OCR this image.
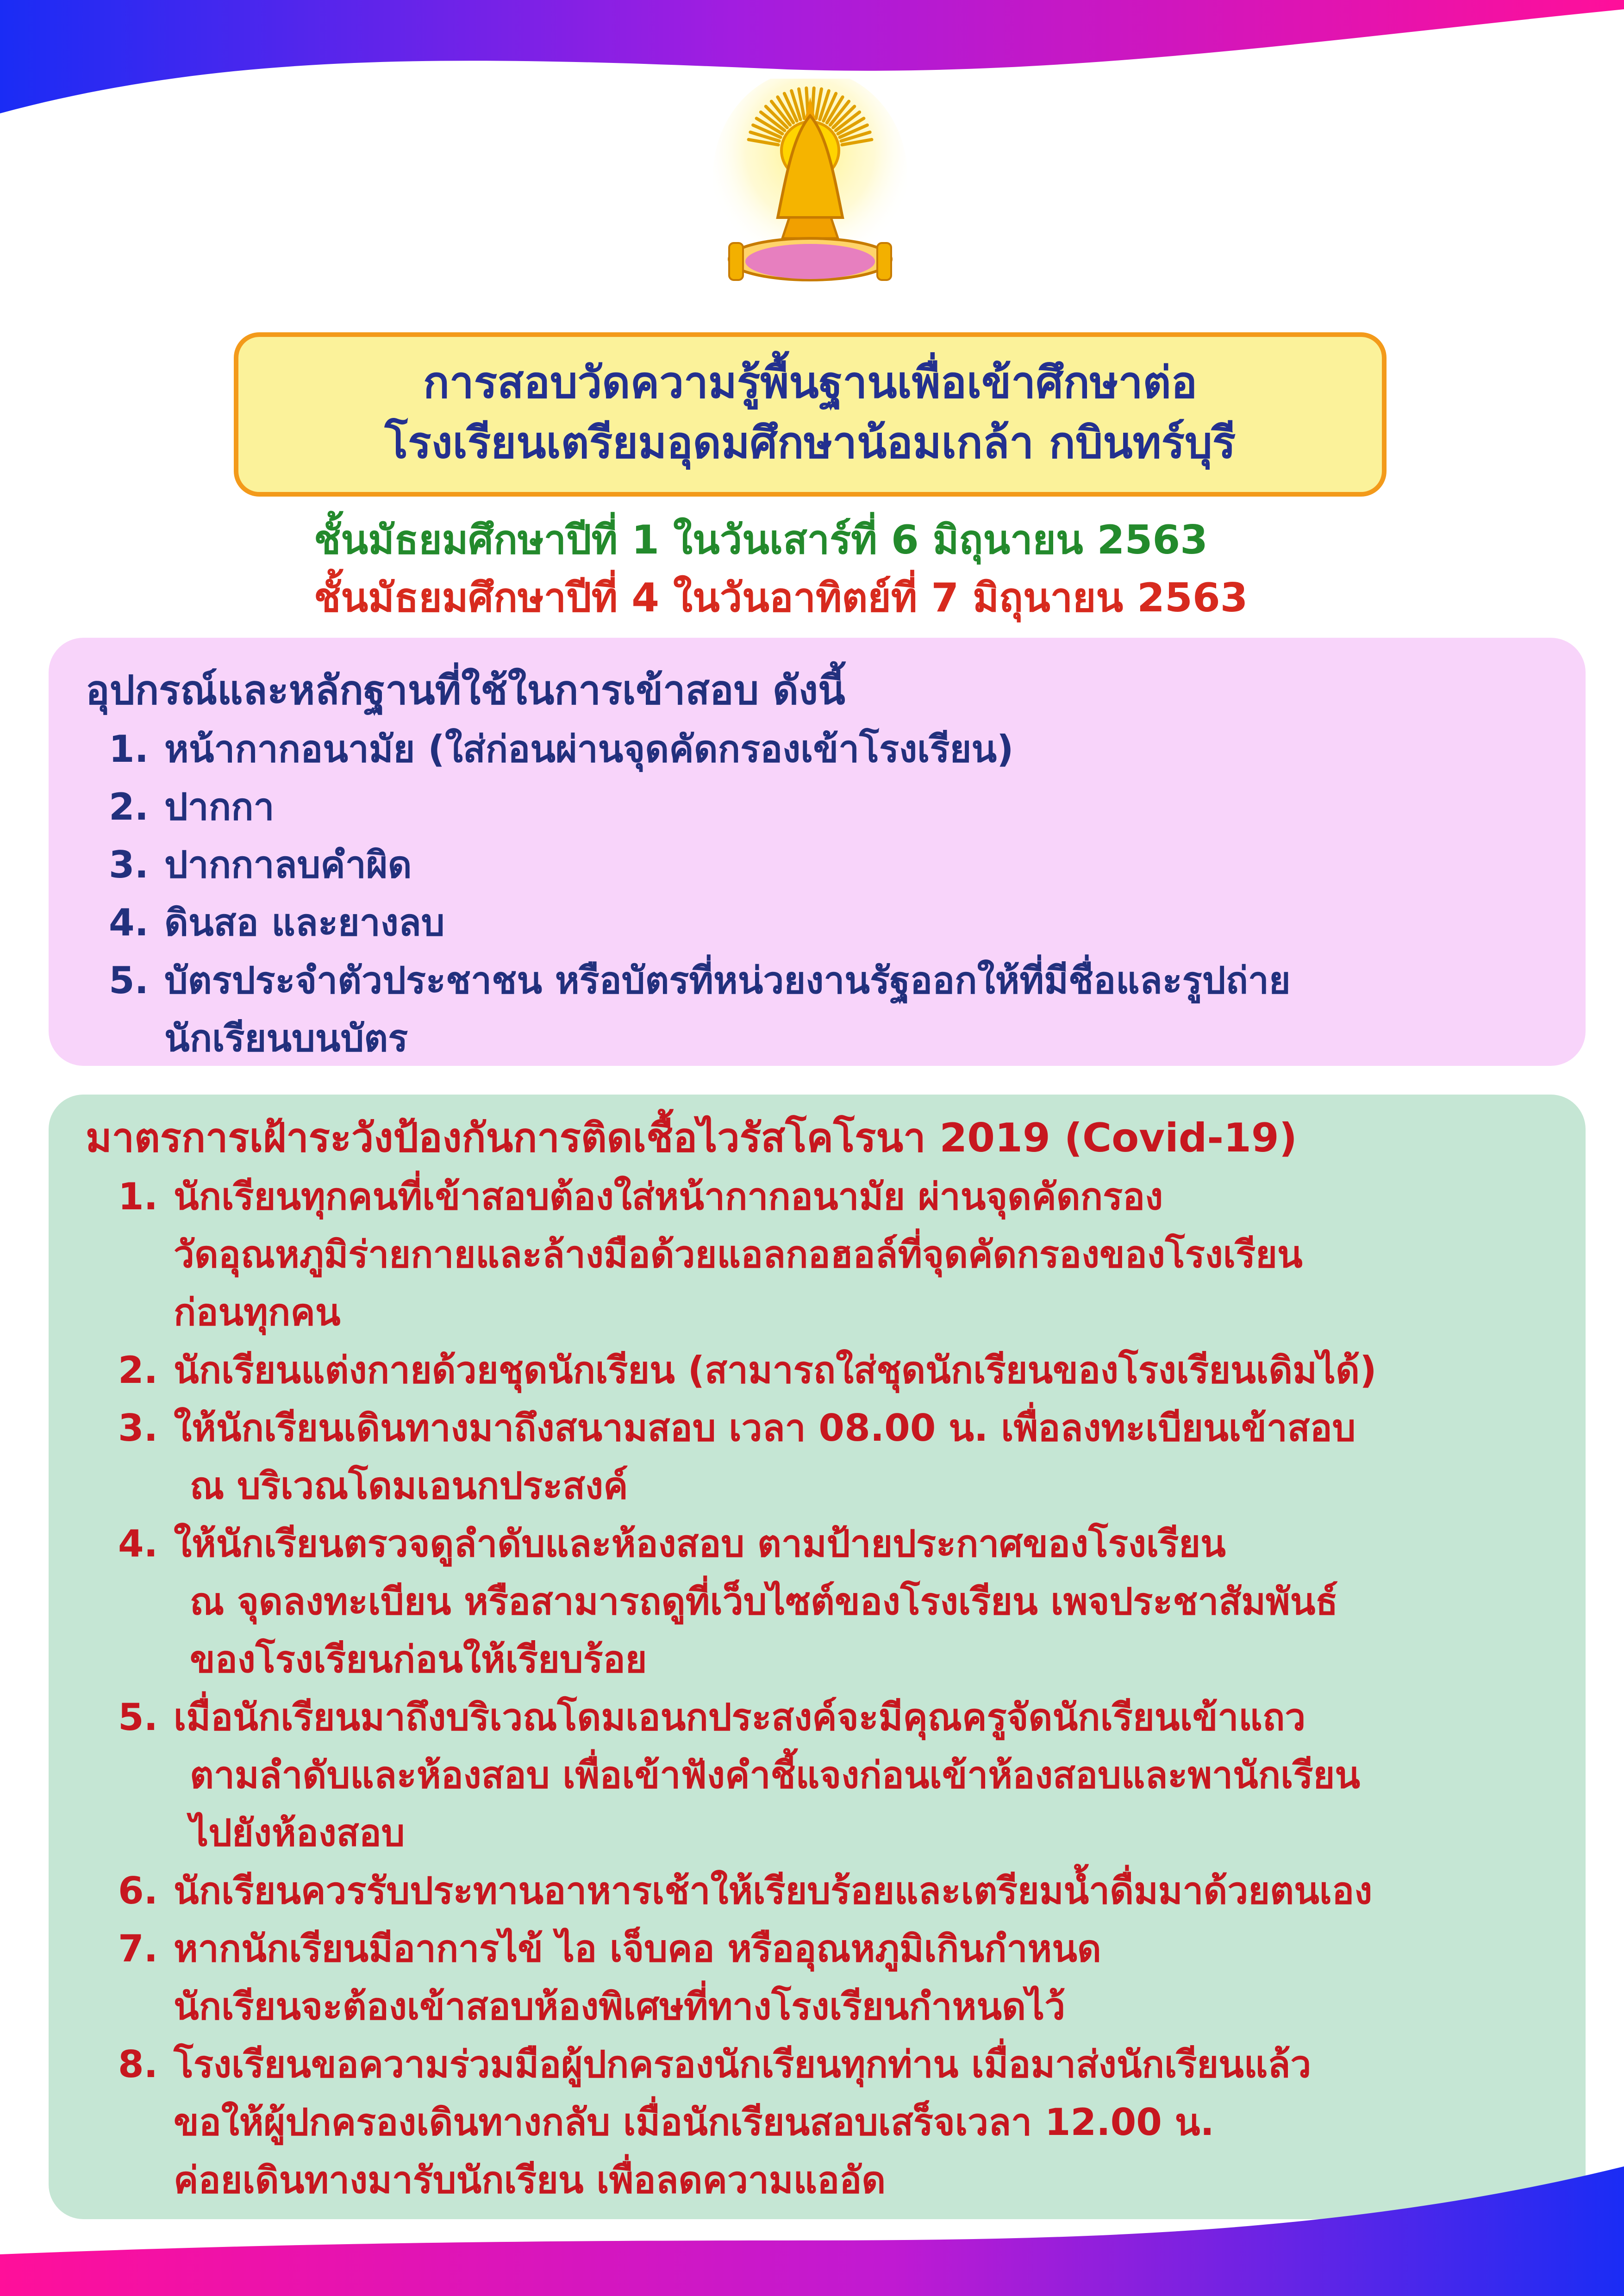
การสอบวัดความรู้พื้นฐานเพื่อเข้าศึกษาต่อ
โรงเรียนเตรียมอุดมศึกษาน้อมเกล้า กบินทร์บุรี
ชั้นมัธยมศึกษาปีที่ 1 ในวันเสาร์ที่ 6 มิถุนายน 2563
ชั้นมัธยมศึกษาปีที่ 4 ในวันอาทิตย์ที่ 7 มิถุนายน 2563
อุปกรณ์และหลักฐานที่ใช้ในการเข้าสอบ ดังนี้
1. หน้ากากอนามัย (ใส่ก่อนผ่านจุดคัดกรองเข้าโรงเรียน)
2. ปากกา
3. ปากกาลบคำผิด
4. ดินสอ และยางลบ
5. บัตรประจำตัวประชาชน หรือบัตรที่หน่วยงานรัฐออกให้ที่มีชื่อและรูปถ่าย
นักเรียนบนบัตร
มาตรการเฝ้าระวังป้องกันการติดเชื้อไวรัสโคโรนา 2019 (Covid-19)
1. นักเรียนทุกคนที่เข้าสอบต้องใส่หน้ากากอนามัย ผ่านจุดคัดกรอง
วัดอุณหภูมิร่ายกายและล้างมือด้วยแอลกอฮอล์ที่จุดคัดกรองของโรงเรียน
ก่อนทุกคน
2. นักเรียนแต่งกายด้วยชุดนักเรียน (สามารถใส่ชุดนักเรียนของโรงเรียนเดิมได้)
3. ให้นักเรียนเดินทางมาถึงสนามสอบ เวลา 08.00 น. เพื่อลงทะเบียนเข้าสอบ
ณ บริเวณโดมเอนกประสงค์
4. ให้นักเรียนตรวจดูลำดับและห้องสอบ ตามป้ายประกาศของโรงเรียน
ณ จุดลงทะเบียน หรือสามารถดูที่เว็บไซต์ของโรงเรียน เพจประชาสัมพันธ์
ของโรงเรียนก่อนให้เรียบร้อย
5. เมื่อนักเรียนมาถึงบริเวณโดมเอนกประสงค์จะมีคุณครูจัดนักเรียนเข้าแถว
ตามลำดับและห้องสอบ เพื่อเข้าฟังคำชี้แจงก่อนเข้าห้องสอบและพานักเรียน
ไปยังห้องสอบ
6. นักเรียนควรรับประทานอาหารเช้าให้เรียบร้อยและเตรียมน้ำดื่มมาด้วยตนเอง
7. หากนักเรียนมีอาการไข้ ไอ เจ็บคอ หรืออุณหภูมิเกินกำหนด
นักเรียนจะต้องเข้าสอบห้องพิเศษที่ทางโรงเรียนกำหนดไว้
8. โรงเรียนขอความร่วมมือผู้ปกครองนักเรียนทุกท่าน เมื่อมาส่งนักเรียนแล้ว
ขอให้ผู้ปกครองเดินทางกลับ เมื่อนักเรียนสอบเสร็จเวลา 12.00 น.
ค่อยเดินทางมารับนักเรียน เพื่อลดความแออัด
